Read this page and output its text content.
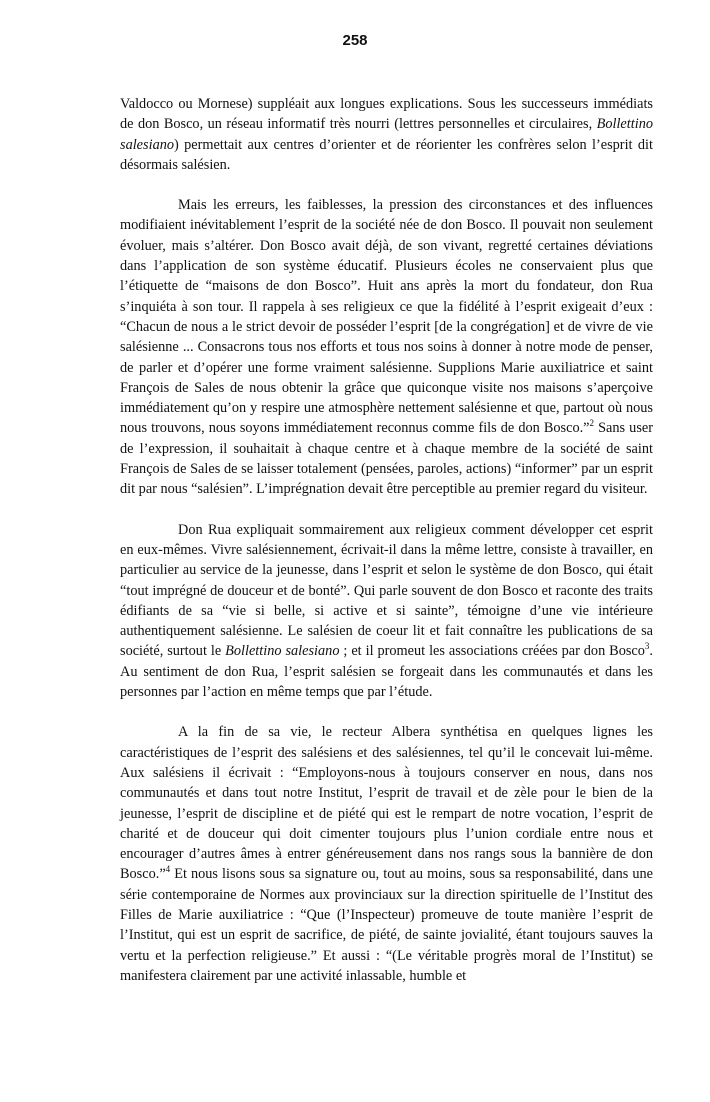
258

Valdocco ou Mornese) suppléait aux longues explications. Sous les successeurs immédiats de don Bosco, un réseau informatif très nourri (lettres personnelles et circulaires, Bollettino salesiano) permettait aux centres d’orienter et de réorienter les confrères selon l’esprit dit désormais salésien.

Mais les erreurs, les faiblesses, la pression des circonstances et des influences modifiaient inévitablement l’esprit de la société née de don Bosco. Il pouvait non seulement évoluer, mais s’altérer. Don Bosco avait déjà, de son vivant, regretté certaines déviations dans l’application de son système éducatif. Plusieurs écoles ne conservaient plus que l’étiquette de “maisons de don Bosco”. Huit ans après la mort du fondateur, don Rua s’inquiéta à son tour. Il rappela à ses religieux ce que la fidélité à l’esprit exigeait d’eux : “Chacun de nous a le strict devoir de posséder l’esprit [de la congrégation] et de vivre de vie salésienne ... Consacrons tous nos efforts et tous nos soins à donner à notre mode de penser, de parler et d’opérer une forme vraiment salésienne. Supplions Marie auxiliatrice et saint François de Sales de nous obtenir la grâce que quiconque visite nos maisons s’aperçoive immédiatement qu’on y respire une atmosphère nettement salésienne et que, partout où nous nous trouvons, nous soyons immédiatement reconnus comme fils de don Bosco.”$^2$ Sans user de l’expression, il souhaitait à chaque centre et à chaque membre de la société de saint François de Sales de se laisser totalement (pensées, paroles, actions) “informer” par un esprit dit par nous “salésien”. L’imprégnation devait être perceptible au premier regard du visiteur.

Don Rua expliquait sommairement aux religieux comment développer cet esprit en eux-mêmes. Vivre salésiennement, écrivait-il dans la même lettre, consiste à travailler, en particulier au service de la jeunesse, dans l’esprit et selon le système de don Bosco, qui était “tout imprégné de douceur et de bonté”. Qui parle souvent de don Bosco et raconte des traits édifiants de sa “vie si belle, si active et si sainte”, témoigne d’une vie intérieure authentiquement salésienne. Le salésien de coeur lit et fait connaître les publications de sa société, surtout le Bollettino salesiano ; et il promeut les associations créées par don Bosco$^3$. Au sentiment de don Rua, l’esprit salésien se forgeait dans les communautés et dans les personnes par l’action en même temps que par l’étude.

A la fin de sa vie, le recteur Albera synthétisa en quelques lignes les caractéristiques de l’esprit des salésiens et des salésiennes, tel qu’il le concevait lui-même. Aux salésiens il écrivait : “Employons-nous à toujours conserver en nous, dans nos communautés et dans tout notre Institut, l’esprit de travail et de zèle pour le bien de la jeunesse, l’esprit de discipline et de piété qui est le rempart de notre vocation, l’esprit de charité et de douceur qui doit cimenter toujours plus l’union cordiale entre nous et encourager d’autres âmes à entrer généreusement dans nos rangs sous la bannière de don Bosco.”$^4$ Et nous lisons sous sa signature ou, tout au moins, sous sa responsabilité, dans une série contemporaine de Normes aux provinciaux sur la direction spirituelle de l’Institut des Filles de Marie auxiliatrice : “Que (l’Inspecteur) promeuve de toute manière l’esprit de l’Institut, qui est un esprit de sacrifice, de piété, de sainte jovialité, étant toujours sauves la vertu et la perfection religieuse.” Et aussi : “(Le véritable progrès moral de l’Institut) se manifestera clairement par une activité inlassable, humble et
